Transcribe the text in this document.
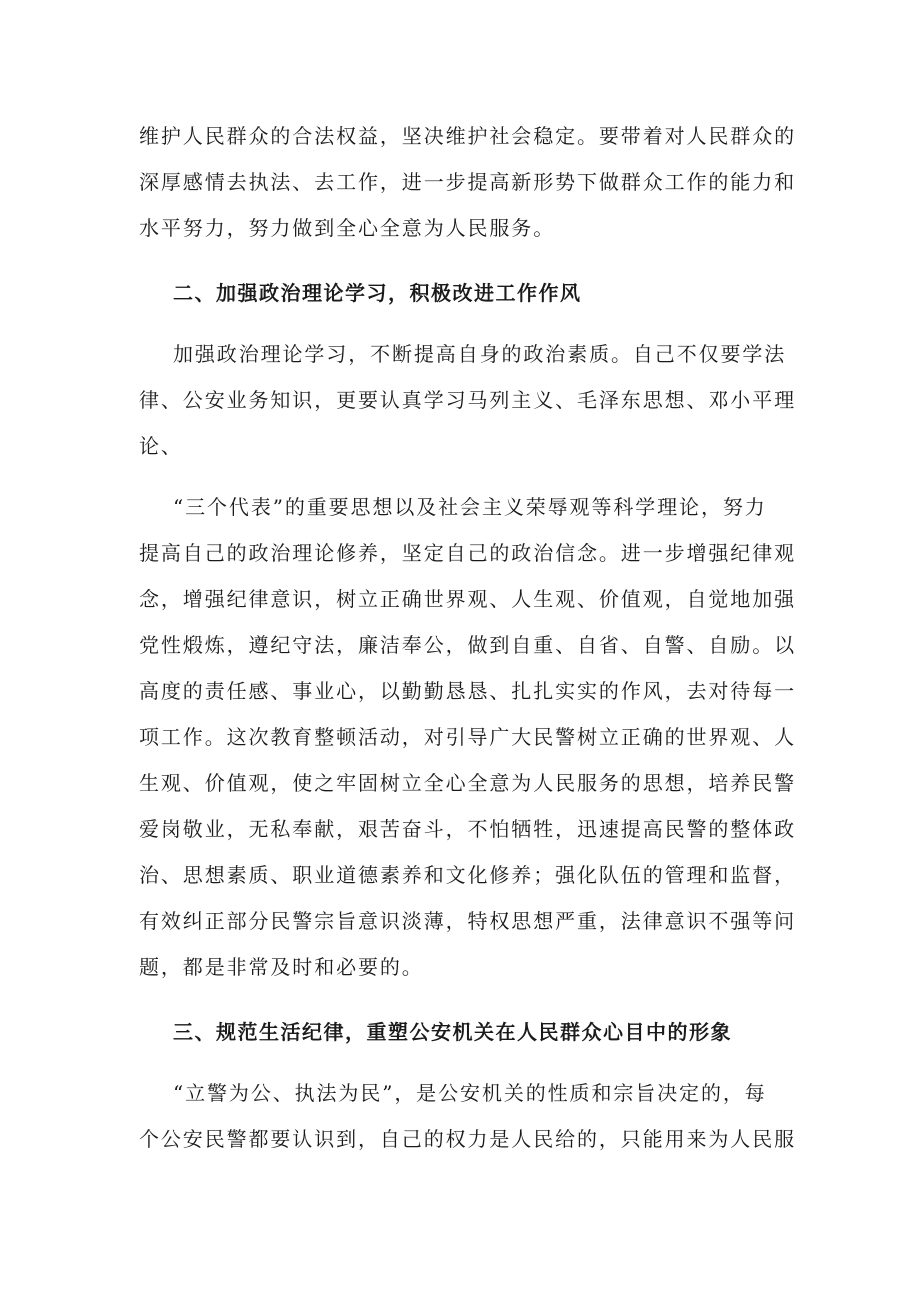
维护人民群众的合法权益，坚决维护社会稳定。要带着对人民群众的
深厚感情去执法、去工作，进一步提高新形势下做群众工作的能力和
水平努力，努力做到全心全意为人民服务。
二、加强政治理论学习，积极改进工作作风
加强政治理论学习，不断提高自身的政治素质。自己不仅要学法
律、公安业务知识，更要认真学习马列主义、毛泽东思想、邓小平理
论、
“三个代表”的重要思想以及社会主义荣辱观等科学理论，努力
提高自己的政治理论修养，坚定自己的政治信念。进一步增强纪律观
念，增强纪律意识，树立正确世界观、人生观、价值观，自觉地加强
党性煅炼，遵纪守法，廉洁奉公，做到自重、自省、自警、自励。以
高度的责任感、事业心，以勤勤恳恳、扎扎实实的作风，去对待每一
项工作。这次教育整顿活动，对引导广大民警树立正确的世界观、人
生观、价值观，使之牢固树立全心全意为人民服务的思想，培养民警
爱岗敬业，无私奉献，艰苦奋斗，不怕牺牲，迅速提高民警的整体政
治、思想素质、职业道德素养和文化修养；强化队伍的管理和监督，
有效纠正部分民警宗旨意识淡薄，特权思想严重，法律意识不强等问
题，都是非常及时和必要的。
三、规范生活纪律，重塑公安机关在人民群众心目中的形象
“立警为公、执法为民”，是公安机关的性质和宗旨决定的，每
个公安民警都要认识到，自己的权力是人民给的，只能用来为人民服
